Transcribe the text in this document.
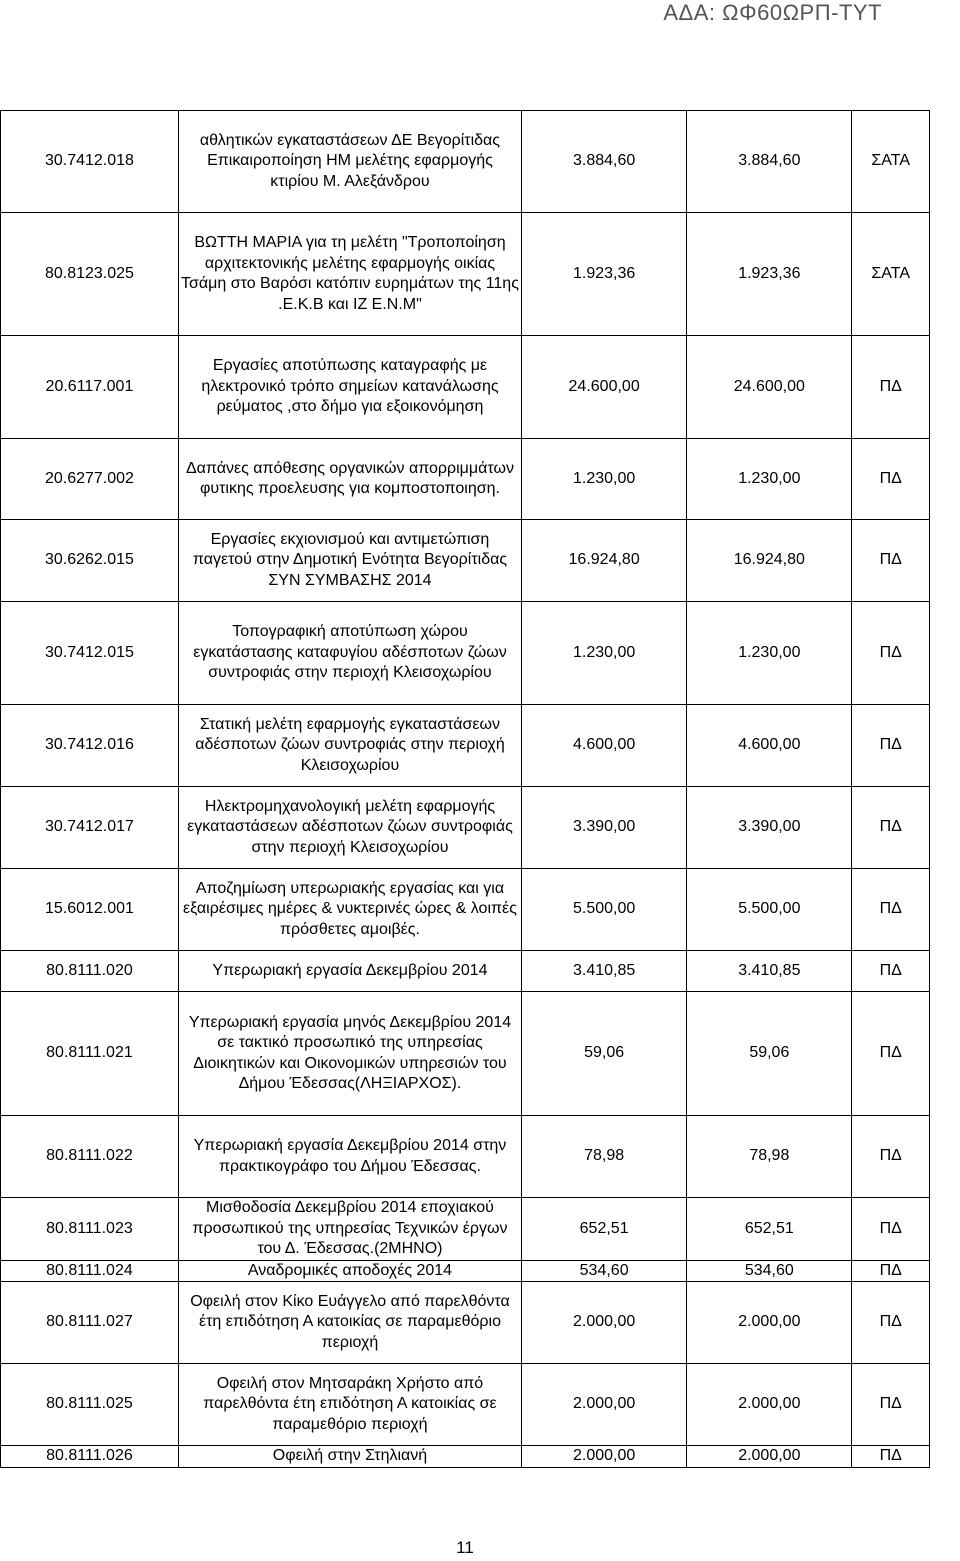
ΑΔΑ: ΩΦ60ΩΡΠ-ΤΥΤ
30.7412.018	αθλητικών εγκαταστάσεων ΔΕ Βεγορίτιδας Επικαιροποίηση ΗΜ μελέτης εφαρμογής κτιρίου Μ. Αλεξάνδρου	3.884,60	3.884,60	ΣΑΤΑ
80.8123.025	ΒΩΤΤΗ ΜΑΡΙΑ για τη μελέτη "Τροποποίηση αρχιτεκτονικής μελέτης εφαρμογής οικίας Τσάμη στο Βαρόσι κατόπιν ευρημάτων της 11ης .Ε.Κ.Β και ΙΖ Ε.Ν.Μ"	1.923,36	1.923,36	ΣΑΤΑ
20.6117.001	Εργασίες αποτύπωσης καταγραφής με ηλεκτρονικό τρόπο σημείων κατανάλωσης ρεύματος ,στο δήμο για εξοικονόμηση	24.600,00	24.600,00	ΠΔ
20.6277.002	Δαπάνες απόθεσης οργανικών απορριμμάτων φυτικης προελευσης για κομποστοποιηση.	1.230,00	1.230,00	ΠΔ
30.6262.015	Εργασίες εκχιονισμού και αντιμετώπιση παγετού στην Δημοτική Ενότητα Βεγορίτιδας ΣΥΝ ΣΥΜΒΑΣΗΣ 2014	16.924,80	16.924,80	ΠΔ
30.7412.015	Τοπογραφική αποτύπωση χώρου εγκατάστασης καταφυγίου αδέσποτων ζώων συντροφιάς στην περιοχή Κλεισοχωρίου	1.230,00	1.230,00	ΠΔ
30.7412.016	Στατική μελέτη εφαρμογής εγκαταστάσεων αδέσποτων ζώων συντροφιάς στην περιοχή Κλεισοχωρίου	4.600,00	4.600,00	ΠΔ
30.7412.017	Ηλεκτρομηχανολογική μελέτη εφαρμογής εγκαταστάσεων αδέσποτων ζώων συντροφιάς στην περιοχή Κλεισοχωρίου	3.390,00	3.390,00	ΠΔ
15.6012.001	Αποζημίωση υπερωριακής εργασίας και για εξαιρέσιμες ημέρες & νυκτερινές ώρες & λοιπές πρόσθετες αμοιβές.	5.500,00	5.500,00	ΠΔ
80.8111.020	Υπερωριακή εργασία Δεκεμβρίου 2014	3.410,85	3.410,85	ΠΔ
80.8111.021	Υπερωριακή εργασία μηνός Δεκεμβρίου 2014 σε τακτικό προσωπικό της υπηρεσίας Διοικητικών και Οικονομικών υπηρεσιών του Δήμου Έδεσσας(ΛΗΞΙΑΡΧΟΣ).	59,06	59,06	ΠΔ
80.8111.022	Υπερωριακή εργασία Δεκεμβρίου 2014 στην πρακτικογράφο του Δήμου Έδεσσας.	78,98	78,98	ΠΔ
80.8111.023	Μισθοδοσία Δεκεμβρίου 2014 εποχιακού προσωπικού της υπηρεσίας Τεχνικών έργων του Δ. Έδεσσας.(2ΜΗΝΟ)	652,51	652,51	ΠΔ
80.8111.024	Αναδρομικές αποδοχές 2014	534,60	534,60	ΠΔ
80.8111.027	Οφειλή στον Κίκο Ευάγγελο από παρελθόντα έτη επιδότηση Α κατοικίας σε παραμεθόριο περιοχή	2.000,00	2.000,00	ΠΔ
80.8111.025	Οφειλή στον Μητσαράκη Χρήστο από παρελθόντα έτη επιδότηση Α κατοικίας σε παραμεθόριο περιοχή	2.000,00	2.000,00	ΠΔ
80.8111.026	Οφειλή στην Στηλιανή	2.000,00	2.000,00	ΠΔ
11
